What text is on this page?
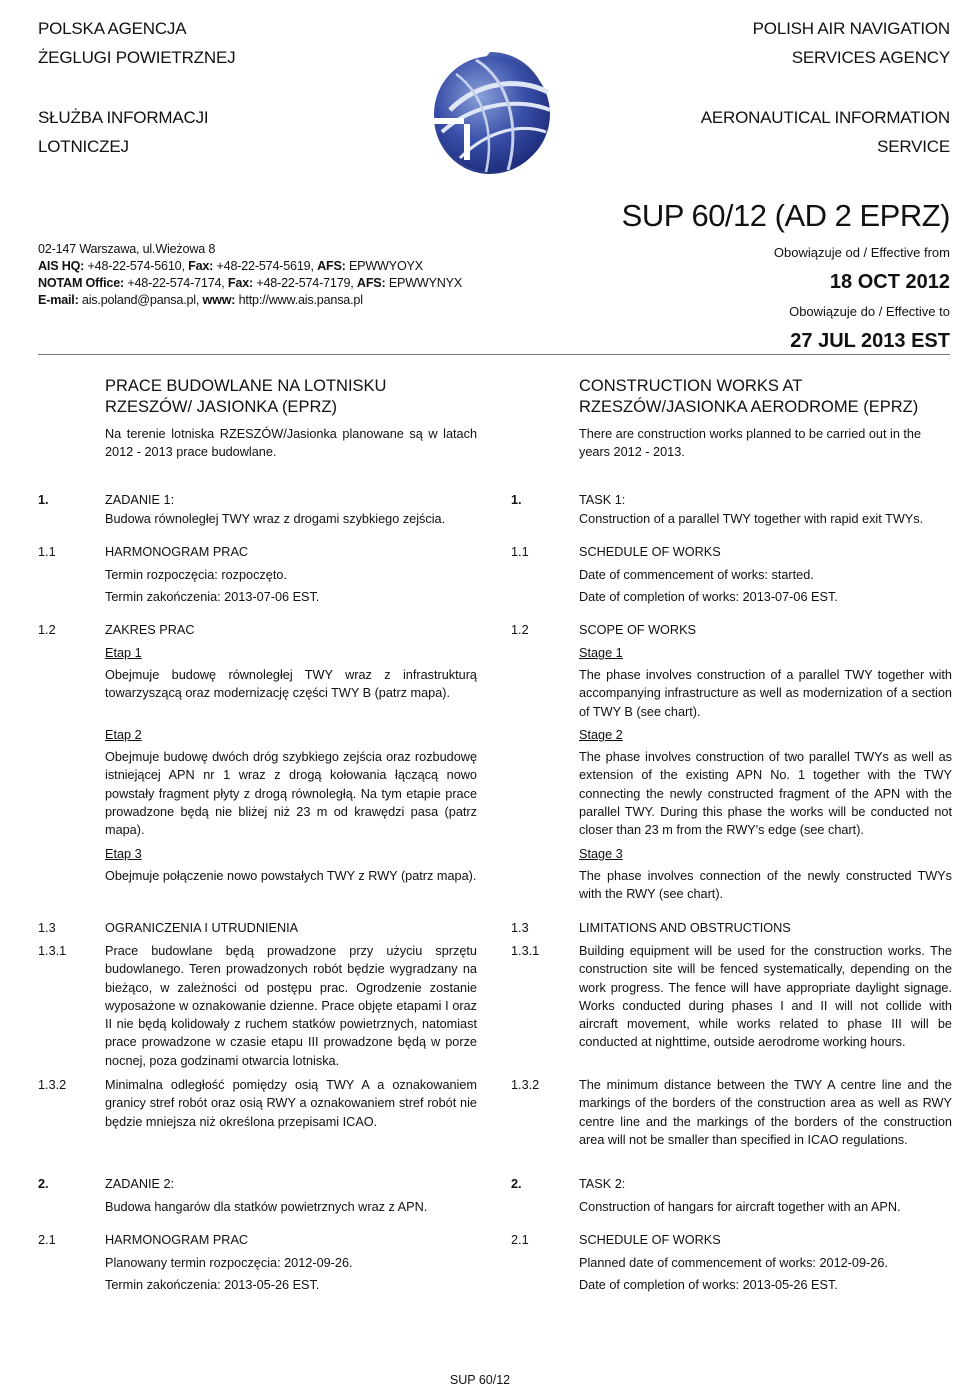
POLSKA AGENCJA
ŻEGLUGI POWIETRZNEJ
SŁUŻBA INFORMACJI
LOTNICZEJ
POLISH AIR NAVIGATION
SERVICES AGENCY
AERONAUTICAL INFORMATION
SERVICE
02-147 Warszawa, ul.Wieżowa 8
AIS HQ: +48-22-574-5610, Fax: +48-22-574-5619, AFS: EPWWYOYX
NOTAM Office: +48-22-574-7174, Fax: +48-22-574-7179, AFS: EPWWYNYX
E-mail: ais.poland@pansa.pl, www: http://www.ais.pansa.pl
SUP 60/12 (AD 2 EPRZ)
Obowiązuje od / Effective from
18 OCT 2012
Obowiązuje do / Effective to
27 JUL 2013 EST
PRACE BUDOWLANE NA LOTNISKU RZESZÓW/ JASIONKA (EPRZ)
CONSTRUCTION WORKS AT RZESZÓW/JASIONKA AERODROME (EPRZ)
Na terenie lotniska RZESZÓW/Jasionka planowane są w latach 2012 - 2013 prace budowlane.
There are construction works planned to be carried out in the years 2012 - 2013.
1.	ZADANIE 1:	1.	TASK 1:
Budowa równoległej TWY wraz z drogami szybkiego zejścia.	Construction of a parallel TWY together with rapid exit TWYs.
1.1	HARMONOGRAM PRAC	1.1	SCHEDULE OF WORKS
Termin rozpoczęcia: rozpoczęto.
Termin zakończenia: 2013-07-06 EST.
Date of commencement of works: started.
Date of completion of works: 2013-07-06 EST.
1.2	ZAKRES PRAC	1.2	SCOPE OF WORKS
Etap 1	Stage 1
Obejmuje budowę równoległej TWY wraz z infrastrukturą towarzyszącą oraz modernizację części TWY B (patrz mapa).
The phase involves construction of a parallel TWY together with accompanying infrastructure as well as modernization of a section of TWY B (see chart).
Etap 2	Stage 2
Obejmuje budowę dwóch dróg szybkiego zejścia oraz rozbudowę istniejącej APN nr 1 wraz z drogą kołowania łączącą nowo powstały fragment płyty z drogą równoległą. Na tym etapie prace prowadzone będą nie bliżej niż 23 m od krawędzi pasa (patrz mapa).
The phase involves construction of two parallel TWYs as well as extension of the existing APN No. 1 together with the TWY connecting the newly constructed fragment of the APN with the parallel TWY. During this phase the works will be conducted not closer than 23 m from the RWY's edge (see chart).
Etap 3	Stage 3
Obejmuje połączenie nowo powstałych TWY z RWY (patrz mapa).	The phase involves connection of the newly constructed TWYs with the RWY (see chart).
1.3	OGRANICZENIA I UTRUDNIENIA	1.3	LIMITATIONS AND OBSTRUCTIONS
1.3.1	Prace budowlane będą prowadzone przy użyciu sprzętu budowlanego. Teren prowadzonych robót będzie wygradzany na bieżąco, w zależności od postępu prac. Ogrodzenie zostanie wyposażone w oznakowanie dzienne. Prace objęte etapami I oraz II nie będą kolidowały z ruchem statków powietrznych, natomiast prace prowadzone w czasie etapu III prowadzone będą w porze nocnej, poza godzinami otwarcia lotniska.
1.3.1	Building equipment will be used for the construction works. The construction site will be fenced systematically, depending on the work progress. The fence will have appropriate daylight signage. Works conducted during phases I and II will not collide with aircraft movement, while works related to phase III will be conducted at nighttime, outside aerodrome working hours.
1.3.2	Minimalna odległość pomiędzy osią TWY A a oznakowaniem granicy stref robót oraz osią RWY a oznakowaniem stref robót nie będzie mniejsza niż określona przepisami ICAO.
1.3.2	The minimum distance between the TWY A centre line and the markings of the borders of the construction area as well as RWY centre line and the markings of the borders of the construction area will not be smaller than specified in ICAO regulations.
2.	ZADANIE 2:	2.	TASK 2:
Budowa hangarów dla statków powietrznych wraz z APN.	Construction of hangars for aircraft together with an APN.
2.1	HARMONOGRAM PRAC	2.1	SCHEDULE OF WORKS
Planowany termin rozpoczęcia: 2012-09-26.
Termin zakończenia: 2013-05-26 EST.
Planned date of commencement of works: 2012-09-26.
Date of completion of works: 2013-05-26 EST.
SUP 60/12
